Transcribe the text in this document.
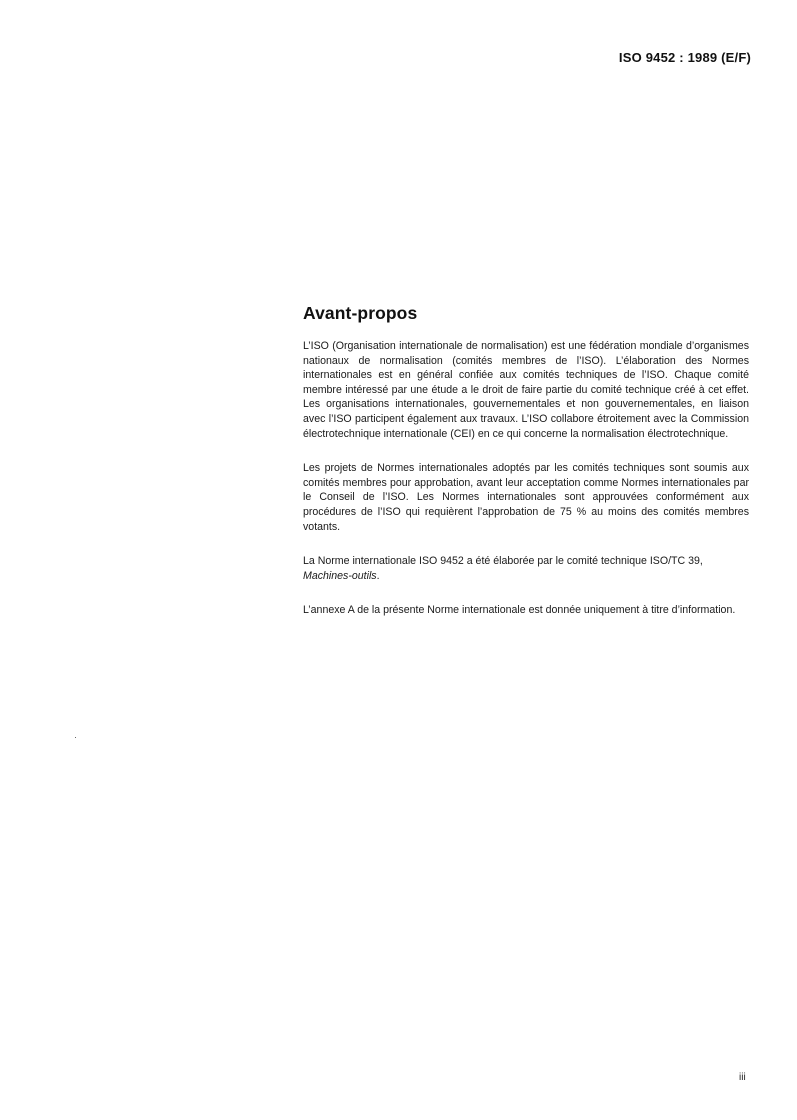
ISO 9452 : 1989 (E/F)
Avant-propos

L’ISO (Organisation internationale de normalisation) est une fédération mondiale d’organismes nationaux de normalisation (comités membres de l’ISO). L’élaboration des Normes internationales est en général confiée aux comités techniques de l’ISO. Chaque comité membre intéressé par une étude a le droit de faire partie du comité technique créé à cet effet. Les organisations internationales, gouvernementales et non gouvernementales, en liaison avec l’ISO participent également aux travaux. L’ISO collabore étroitement avec la Commission électrotechnique internationale (CEI) en ce qui concerne la normalisation électrotechnique.

Les projets de Normes internationales adoptés par les comités techniques sont soumis aux comités membres pour approbation, avant leur acceptation comme Normes internationales par le Conseil de l’ISO. Les Normes internationales sont approuvées conformément aux procédures de l’ISO qui requièrent l’approbation de 75 % au moins des comités membres votants.

La Norme internationale ISO 9452 a été élaborée par le comité technique ISO/TC 39,
Machines-outils.

L’annexe A de la présente Norme internationale est donnée uniquement à titre d’information.

iii
